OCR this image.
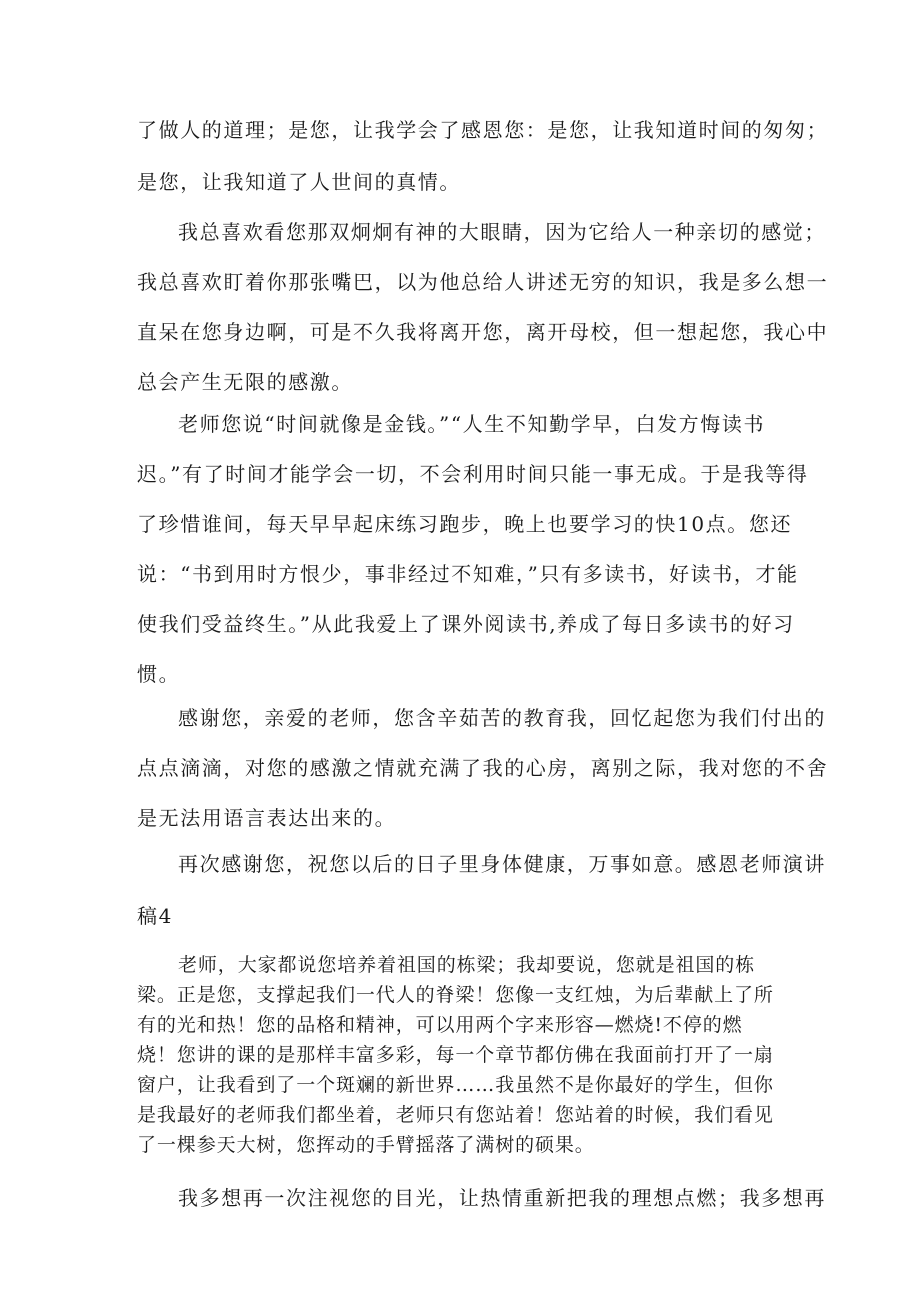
了做人的道理；是您，让我学会了感恩您：是您，让我知道时间的匆匆；
是您，让我知道了人世间的真情。
我总喜欢看您那双炯炯有神的大眼睛，因为它给人一种亲切的感觉；
我总喜欢盯着你那张嘴巴，以为他总给人讲述无穷的知识，我是多么想一
直呆在您身边啊，可是不久我将离开您，离开母校，但一想起您，我心中
总会产生无限的感激。
老师您说“时间就像是金钱。”“人生不知勤学早，白发方悔读书
迟。”有了时间才能学会一切，不会利用时间只能一事无成。于是我等得
了珍惜谁间，每天早早起床练习跑步，晚上也要学习的快10点。您还
说：“书到用时方恨少，事非经过不知难，”只有多读书，好读书，才能
使我们受益终生。”从此我爱上了课外阅读书,养成了每日多读书的好习
惯。
感谢您，亲爱的老师，您含辛茹苦的教育我，回忆起您为我们付出的
点点滴滴，对您的感激之情就充满了我的心房，离别之际，我对您的不舍
是无法用语言表达出来的。
再次感谢您，祝您以后的日子里身体健康，万事如意。感恩老师演讲
稿4
老师，大家都说您培养着祖国的栋梁；我却要说，您就是祖国的栋
梁。正是您，支撑起我们一代人的脊梁！您像一支红烛，为后辈献上了所
有的光和热！您的品格和精神，可以用两个字来形容—燃烧!不停的燃
烧！您讲的课的是那样丰富多彩，每一个章节都仿佛在我面前打开了一扇
窗户，让我看到了一个斑斓的新世界……我虽然不是你最好的学生，但你
是我最好的老师我们都坐着，老师只有您站着！您站着的时候，我们看见
了一棵参天大树，您挥动的手臂摇落了满树的硕果。
我多想再一次注视您的目光，让热情重新把我的理想点燃；我多想再
